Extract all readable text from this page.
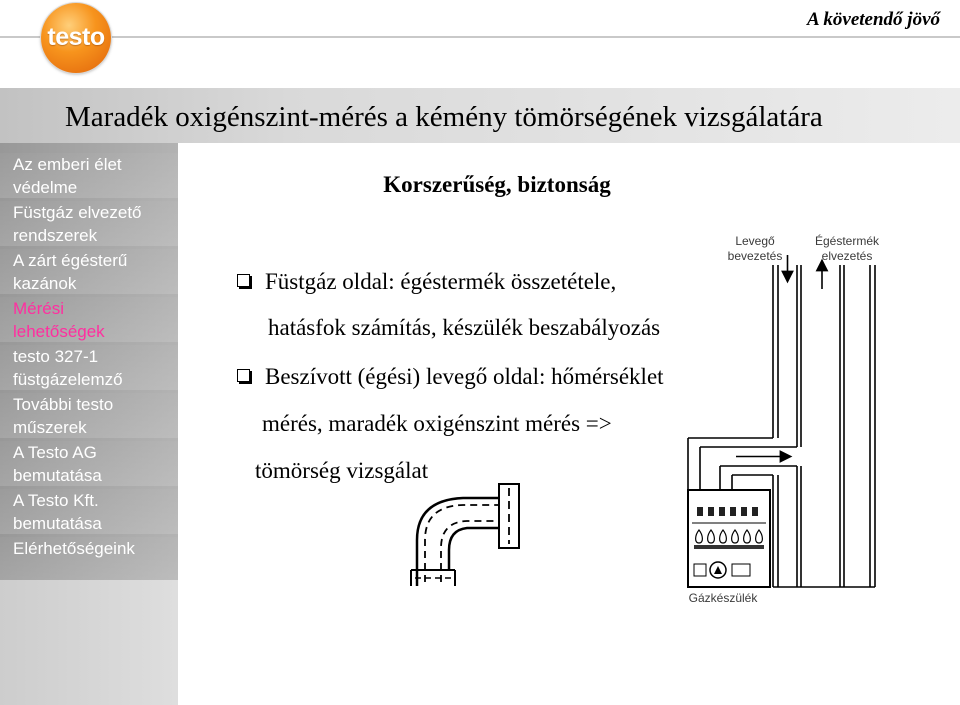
testo
A követendő jövő
Maradék oxigénszint-mérés a kémény tömörségének vizsgálatára
Az emberi élet
védelme
Füstgáz elvezető
rendszerek
A zárt égésterű
kazánok
Mérési
lehetőségek
testo 327-1
füstgázelemző
További testo
műszerek
A Testo AG
bemutatása
A Testo Kft.
bemutatása
Elérhetőségeink
Korszerűség, biztonság
Füstgáz oldal: égéstermék összetétele,
hatásfok számítás, készülék beszabályozás
Beszívott (égési) levegő oldal: hőmérséklet
mérés, maradék oxigénszint mérés =>
tömörség vizsgálat
Levegő
bevezetés
Égéstermék
elvezetés
Gázkészülék
